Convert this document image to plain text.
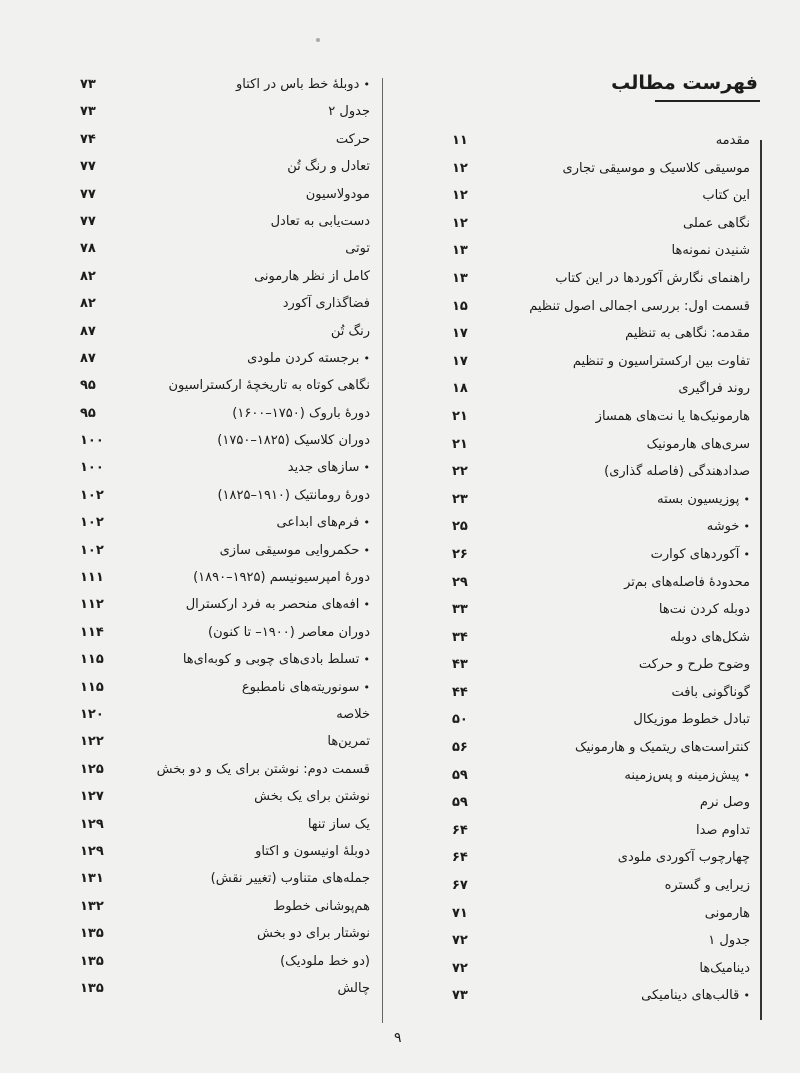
فهرست مطالب
• دوبلهٔ خط باس در اکتاو
۷۳
جدول ۲
۷۳
حرکت
۷۴
تعادل و رنگ تُن
۷۷
مودولاسیون
۷۷
دست‌یابی به تعادل
۷۷
توتی
۷۸
کامل از نظر هارمونی
۸۲
فضاگذاری آکورد
۸۲
رنگ تُن
۸۷
• برجسته کردن ملودی
۸۷
نگاهی کوتاه به تاریخچهٔ ارکستراسیون
۹۵
دورهٔ باروک (۱۷۵۰–۱۶۰۰)
۹۵
دوران کلاسیک (۱۸۲۵–۱۷۵۰)
۱۰۰
• سازهای جدید
۱۰۰
دورهٔ رومانتیک (۱۹۱۰–۱۸۲۵)
۱۰۲
• فرم‌های ابداعی
۱۰۲
• حکمروایی موسیقی سازی
۱۰۲
دورهٔ امپرسیونیسم (۱۹۲۵–۱۸۹۰)
۱۱۱
• افه‌های منحصر به فرد ارکسترال
۱۱۲
دوران معاصر (۱۹۰۰– تا کنون)
۱۱۴
• تسلط بادی‌های چوبی و کوبه‌ای‌ها
۱۱۵
• سونوریته‌های نامطبوع
۱۱۵
خلاصه
۱۲۰
تمرین‌ها
۱۲۲
قسمت دوم: نوشتن برای یک و دو بخش
۱۲۵
نوشتن برای یک بخش
۱۲۷
یک ساز تنها
۱۲۹
دوبلهٔ اونیسون و اکتاو
۱۲۹
جمله‌های متناوب (تغییر نقش)
۱۳۱
هم‌پوشانی خطوط
۱۳۲
نوشتار برای دو بخش
۱۳۵
(دو خط ملودیک)
۱۳۵
چالش
۱۳۵
مقدمه
۱۱
موسیقی کلاسیک و موسیقی تجاری
۱۲
این کتاب
۱۲
نگاهی عملی
۱۲
شنیدن نمونه‌ها
۱۳
راهنمای نگارش آکوردها در این کتاب
۱۳
قسمت اول: بررسی اجمالی اصول تنظیم
۱۵
مقدمه: نگاهی به تنظیم
۱۷
تفاوت بین ارکستراسیون و تنظیم
۱۷
روند فراگیری
۱۸
هارمونیک‌ها یا نت‌های همساز
۲۱
سری‌های هارمونیک
۲۱
صدادهندگی (فاصله گذاری)
۲۲
• پوزیسیون بسته
۲۳
• خوشه
۲۵
• آکوردهای کوارت
۲۶
محدودهٔ فاصله‌های بم‌تر
۲۹
دوبله کردن نت‌ها
۳۳
شکل‌های دوبله
۳۴
وضوح طرح و حرکت
۴۳
گوناگونی بافت
۴۴
تبادل خطوط موزیکال
۵۰
کنتراست‌های ریتمیک و هارمونیک
۵۶
• پیش‌زمینه و پس‌زمینه
۵۹
وصل نرم
۵۹
تداوم صدا
۶۴
چهارچوب آکوردی ملودی
۶۴
زیرایی و گستره
۶۷
هارمونی
۷۱
جدول ۱
۷۲
دینامیک‌ها
۷۲
• قالب‌های دینامیکی
۷۳
۹
